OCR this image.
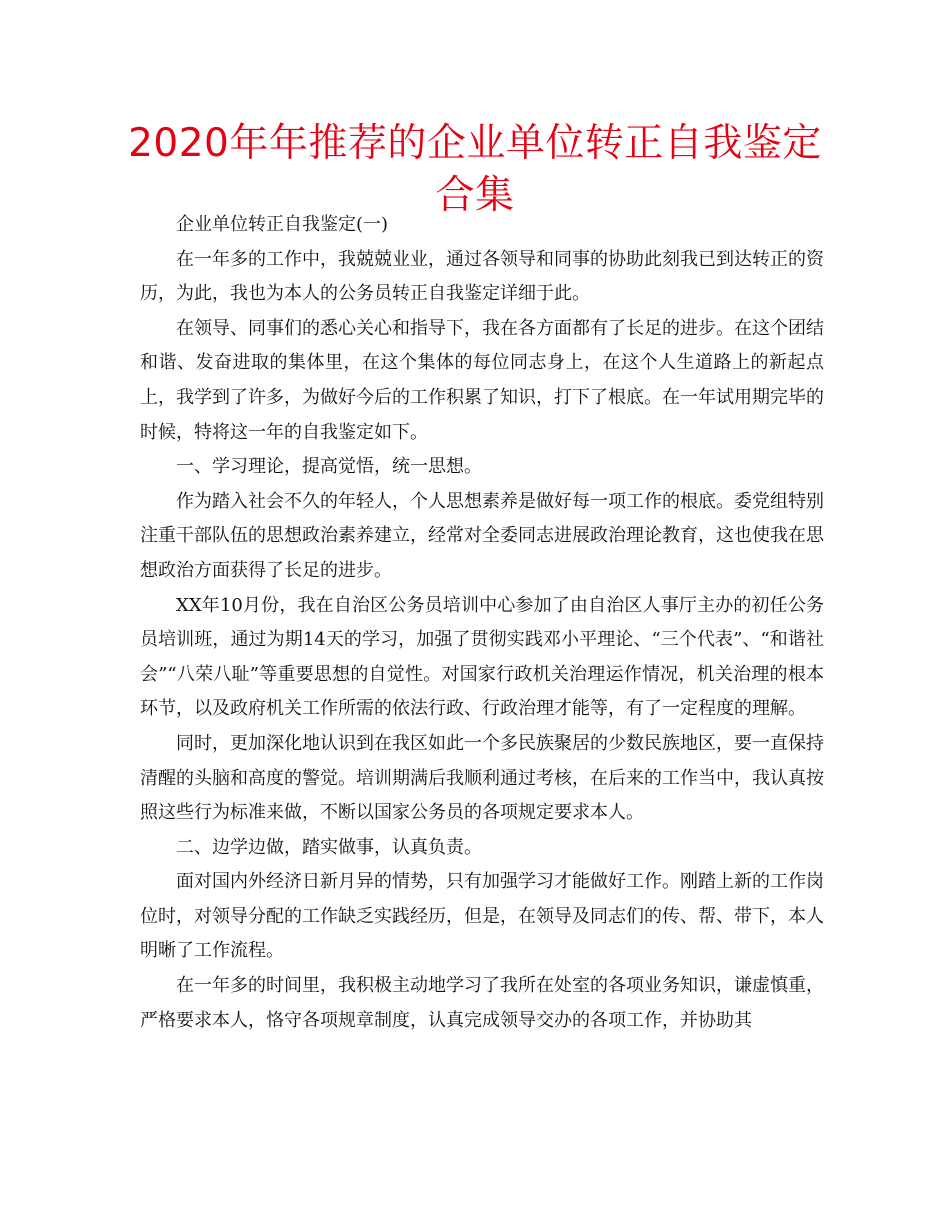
2020年年推荐的企业单位转正自我鉴定合集

企业单位转正自我鉴定(一)

在一年多的工作中，我兢兢业业，通过各领导和同事的协助此刻我已到达转正的资历，为此，我也为本人的公务员转正自我鉴定详细于此。

在领导、同事们的悉心关心和指导下，我在各方面都有了长足的进步。在这个团结和谐、发奋进取的集体里，在这个集体的每位同志身上，在这个人生道路上的新起点上，我学到了许多，为做好今后的工作积累了知识，打下了根底。在一年试用期完毕的时候，特将这一年的自我鉴定如下。

一、学习理论，提高觉悟，统一思想。

作为踏入社会不久的年轻人，个人思想素养是做好每一项工作的根底。委党组特别注重干部队伍的思想政治素养建立，经常对全委同志进展政治理论教育，这也使我在思想政治方面获得了长足的进步。

XX年10月份，我在自治区公务员培训中心参加了由自治区人事厅主办的初任公务员培训班，通过为期14天的学习，加强了贯彻实践邓小平理论、“三个代表”、“和谐社会”“八荣八耻”等重要思想的自觉性。对国家行政机关治理运作情况，机关治理的根本环节，以及政府机关工作所需的依法行政、行政治理才能等，有了一定程度的理解。

同时，更加深化地认识到在我区如此一个多民族聚居的少数民族地区，要一直保持清醒的头脑和高度的警觉。培训期满后我顺利通过考核，在后来的工作当中，我认真按照这些行为标准来做，不断以国家公务员的各项规定要求本人。

二、边学边做，踏实做事，认真负责。

面对国内外经济日新月异的情势，只有加强学习才能做好工作。刚踏上新的工作岗位时，对领导分配的工作缺乏实践经历，但是，在领导及同志们的传、帮、带下，本人明晰了工作流程。

在一年多的时间里，我积极主动地学习了我所在处室的各项业务知识，谦虚慎重，严格要求本人，恪守各项规章制度，认真完成领导交办的各项工作，并协助其
